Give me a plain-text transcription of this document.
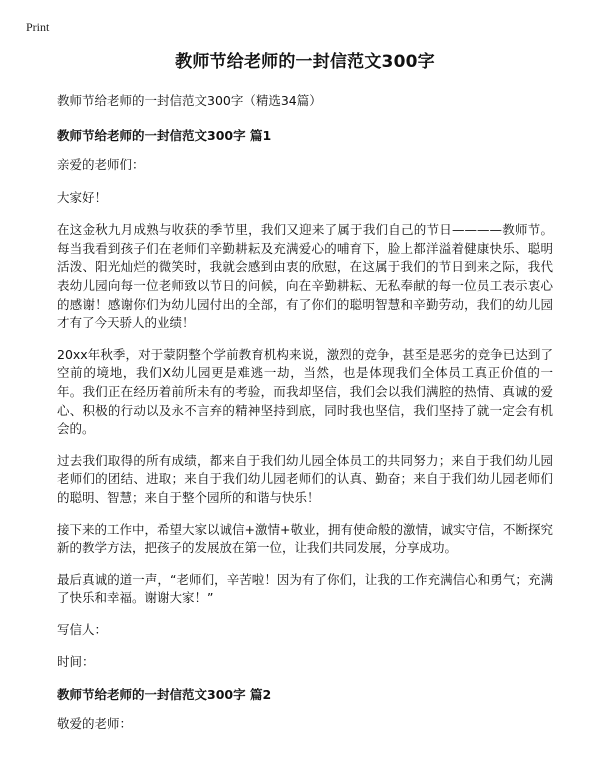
Print
教师节给老师的一封信范文300字
教师节给老师的一封信范文300字（精选34篇）
教师节给老师的一封信范文300字 篇1
亲爱的老师们：
大家好！
在这金秋九月成熟与收获的季节里，我们又迎来了属于我们自己的节日————教师节。每当我看到孩子们在老师们辛勤耕耘及充满爱心的哺育下，脸上都洋溢着健康快乐、聪明活泼、阳光灿烂的微笑时，我就会感到由衷的欣慰，在这属于我们的节日到来之际，我代表幼儿园向每一位老师致以节日的问候，向在辛勤耕耘、无私奉献的每一位员工表示衷心的感谢！感谢你们为幼儿园付出的全部，有了你们的聪明智慧和辛勤劳动，我们的幼儿园才有了今天骄人的业绩！
20xx年秋季，对于蒙阴整个学前教育机构来说，激烈的竞争，甚至是恶劣的竞争已达到了空前的境地，我们X幼儿园更是难逃一劫，当然，也是体现我们全体员工真正价值的一年。我们正在经历着前所未有的考验，而我却坚信，我们会以我们满腔的热情、真诚的爱心、积极的行动以及永不言弃的精神坚持到底，同时我也坚信，我们坚持了就一定会有机会的。
过去我们取得的所有成绩，都来自于我们幼儿园全体员工的共同努力；来自于我们幼儿园老师们的团结、进取；来自于我们幼儿园老师们的认真、勤奋；来自于我们幼儿园老师们的聪明、智慧；来自于整个园所的和谐与快乐！
接下来的工作中，希望大家以诚信+激情+敬业，拥有使命般的激情，诚实守信，不断探究新的教学方法，把孩子的发展放在第一位，让我们共同发展，分享成功。
最后真诚的道一声，“老师们，辛苦啦！因为有了你们，让我的工作充满信心和勇气；充满了快乐和幸福。谢谢大家！”
写信人：
时间：
教师节给老师的一封信范文300字 篇2
敬爱的老师：
